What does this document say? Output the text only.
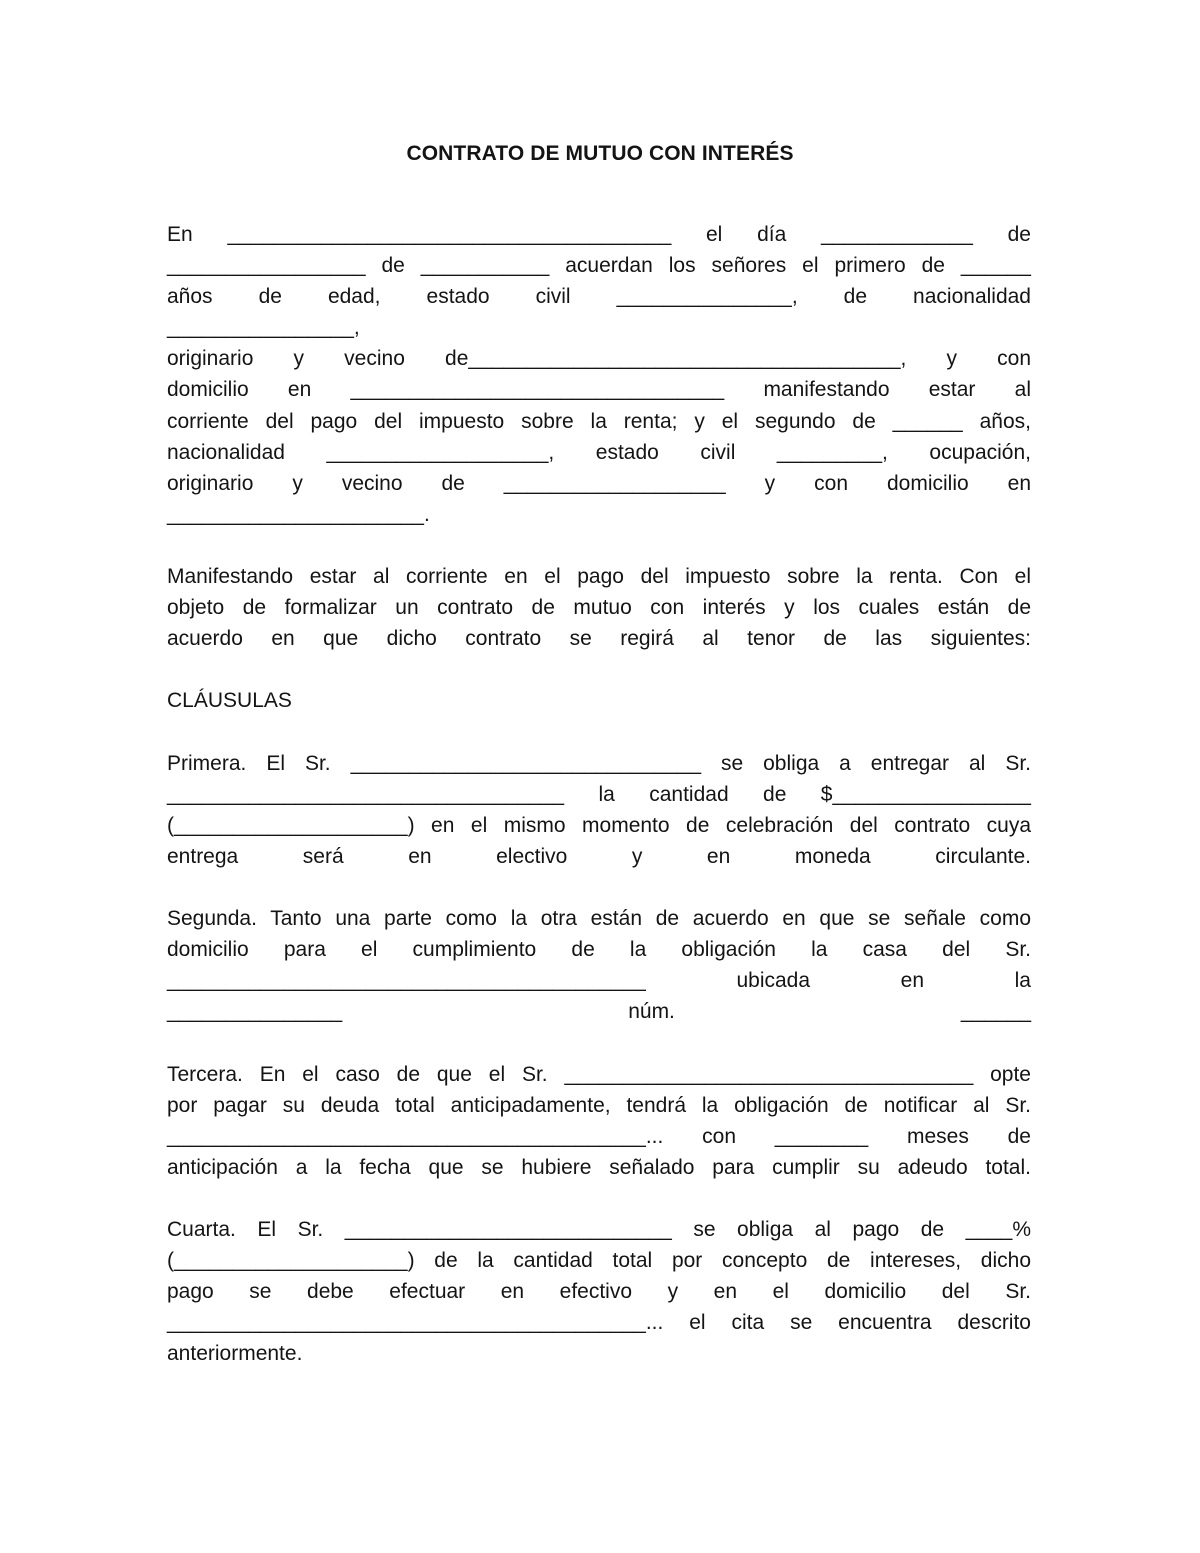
CONTRATO DE MUTUO CON INTERÉS

En ______________________________________ el día _____________ de

_________________ de ___________ acuerdan los señores el primero de ______

años de edad, estado civil _______________, de nacionalidad

________________,

originario y vecino de_____________________________________, y con

domicilio en ________________________________ manifestando estar al

corriente del pago del impuesto sobre la renta; y el segundo de ______ años,

nacionalidad ___________________, estado civil _________, ocupación,

originario y vecino de ___________________ y con domicilio en

______________________.

Manifestando estar al corriente en el pago del impuesto sobre la renta. Con el

objeto de formalizar un contrato de mutuo con interés y los cuales están de

acuerdo en que dicho contrato se regirá al tenor de las siguientes:

CLÁUSULAS

Primera. El Sr. ______________________________ se obliga a entregar al Sr.

__________________________________ la cantidad de $_________________

(____________________) en el mismo momento de celebración del contrato cuya

entrega será en electivo y en moneda circulante.

Segunda. Tanto una parte como la otra están de acuerdo en que se señale como

domicilio para el cumplimiento de la obligación la casa del Sr.

_________________________________________ ubicada en la

_______________ núm. ______

Tercera. En el caso de que el Sr. ___________________________________ opte

por pagar su deuda total anticipadamente, tendrá la obligación de notificar al Sr.

_________________________________________... con ________ meses de

anticipación a la fecha que se hubiere señalado para cumplir su adeudo total.

Cuarta. El Sr. ____________________________ se obliga al pago de ____%

(____________________) de la cantidad total por concepto de intereses, dicho

pago se debe efectuar en efectivo y en el domicilio del Sr.

_________________________________________... el cita se encuentra descrito

anteriormente.
